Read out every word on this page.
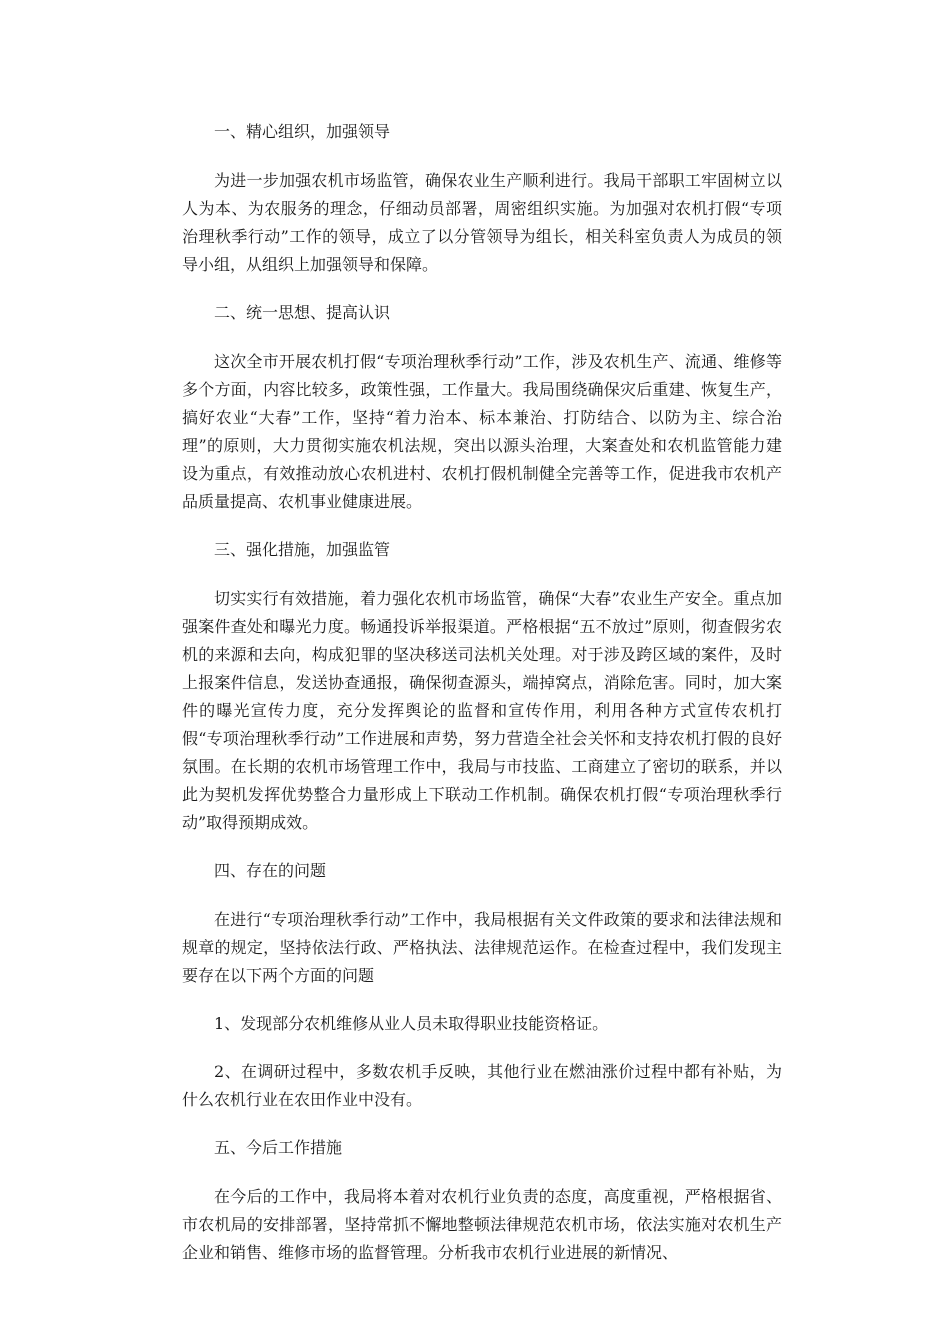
一、精心组织，加强领导

为进一步加强农机市场监管，确保农业生产顺利进行。我局干部职工牢固树立以人为本、为农服务的理念，仔细动员部署，周密组织实施。为加强对农机打假“专项治理秋季行动”工作的领导，成立了以分管领导为组长，相关科室负责人为成员的领导小组，从组织上加强领导和保障。

二、统一思想、提高认识

这次全市开展农机打假“专项治理秋季行动”工作，涉及农机生产、流通、维修等多个方面，内容比较多，政策性强，工作量大。我局围绕确保灾后重建、恢复生产，搞好农业“大春”工作，坚持“着力治本、标本兼治、打防结合、以防为主、综合治理”的原则，大力贯彻实施农机法规，突出以源头治理，大案查处和农机监管能力建设为重点，有效推动放心农机进村、农机打假机制健全完善等工作，促进我市农机产品质量提高、农机事业健康进展。

三、强化措施，加强监管

切实实行有效措施，着力强化农机市场监管，确保“大春”农业生产安全。重点加强案件查处和曝光力度。畅通投诉举报渠道。严格根据“五不放过”原则，彻查假劣农机的来源和去向，构成犯罪的坚决移送司法机关处理。对于涉及跨区域的案件，及时上报案件信息，发送协查通报，确保彻查源头，端掉窝点，消除危害。同时，加大案件的曝光宣传力度，充分发挥舆论的监督和宣传作用，利用各种方式宣传农机打假“专项治理秋季行动”工作进展和声势，努力营造全社会关怀和支持农机打假的良好氛围。在长期的农机市场管理工作中，我局与市技监、工商建立了密切的联系，并以此为契机发挥优势整合力量形成上下联动工作机制。确保农机打假“专项治理秋季行动”取得预期成效。

四、存在的问题

在进行“专项治理秋季行动”工作中，我局根据有关文件政策的要求和法律法规和规章的规定，坚持依法行政、严格执法、法律规范运作。在检查过程中，我们发现主要存在以下两个方面的问题

1、发现部分农机维修从业人员未取得职业技能资格证。

2、在调研过程中，多数农机手反映，其他行业在燃油涨价过程中都有补贴，为什么农机行业在农田作业中没有。

五、今后工作措施

在今后的工作中，我局将本着对农机行业负责的态度，高度重视，严格根据省、市农机局的安排部署，坚持常抓不懈地整顿法律规范农机市场，依法实施对农机生产企业和销售、维修市场的监督管理。分析我市农机行业进展的新情况、
